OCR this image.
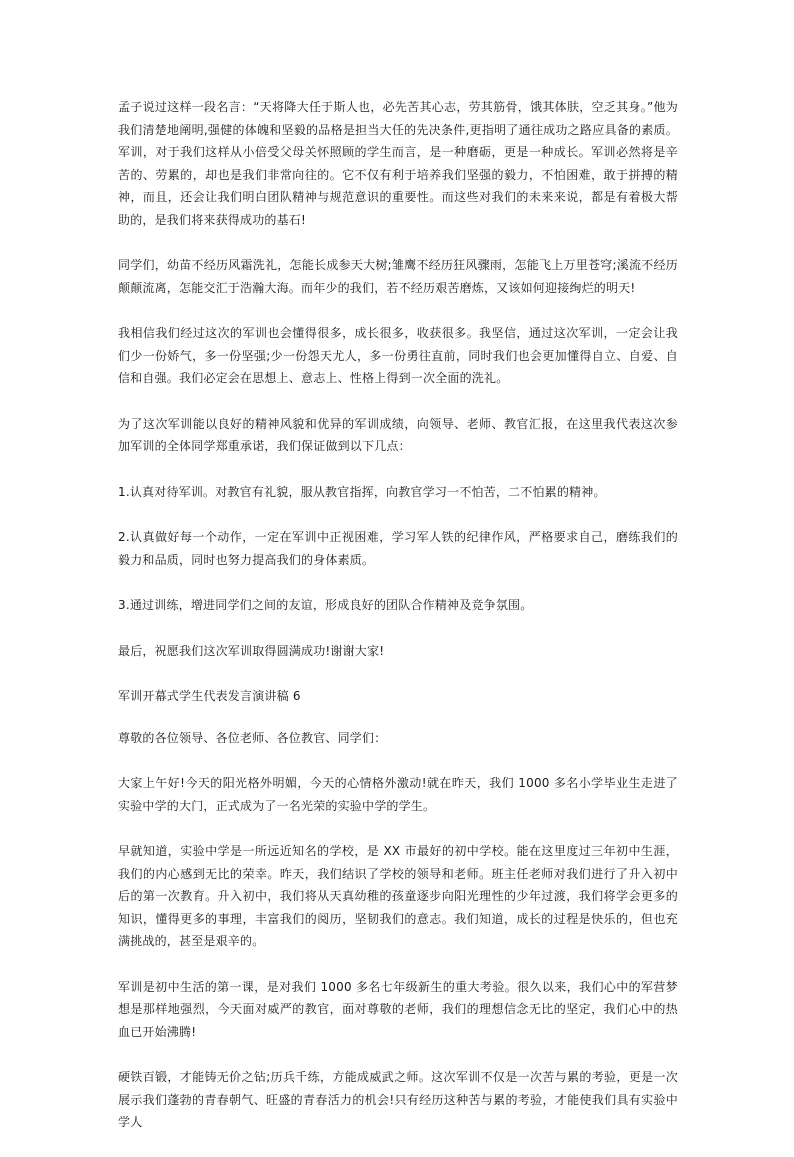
孟子说过这样一段名言：“天将降大任于斯人也，必先苦其心志，劳其筋骨，饿其体肤，空乏其身。”他为我们清楚地阐明,强健的体魄和坚毅的品格是担当大任的先决条件,更指明了通往成功之路应具备的素质。军训，对于我们这样从小倍受父母关怀照顾的学生而言，是一种磨砺，更是一种成长。军训必然将是辛苦的、劳累的，却也是我们非常向往的。它不仅有利于培养我们坚强的毅力，不怕困难，敢于拼搏的精神，而且，还会让我们明白团队精神与规范意识的重要性。而这些对我们的未来来说，都是有着极大帮助的，是我们将来获得成功的基石!

同学们，幼苗不经历风霜洗礼，怎能长成参天大树;雏鹰不经历狂风骤雨，怎能飞上万里苍穹;溪流不经历颠颠流离，怎能交汇于浩瀚大海。而年少的我们，若不经历艰苦磨炼，又该如何迎接绚烂的明天!

我相信我们经过这次的军训也会懂得很多，成长很多，收获很多。我坚信，通过这次军训，一定会让我们少一份娇气，多一份坚强;少一份怨天尤人，多一份勇往直前，同时我们也会更加懂得自立、自爱、自信和自强。我们必定会在思想上、意志上、性格上得到一次全面的洗礼。

为了这次军训能以良好的精神风貌和优异的军训成绩，向领导、老师、教官汇报，在这里我代表这次参加军训的全体同学郑重承诺，我们保证做到以下几点：

1.认真对待军训。对教官有礼貌，服从教官指挥，向教官学习一不怕苦，二不怕累的精神。

2.认真做好每一个动作，一定在军训中正视困难，学习军人铁的纪律作风，严格要求自己，磨练我们的毅力和品质，同时也努力提高我们的身体素质。

3.通过训练，增进同学们之间的友谊，形成良好的团队合作精神及竞争氛围。

最后，祝愿我们这次军训取得圆满成功!谢谢大家!

军训开幕式学生代表发言演讲稿 6

尊敬的各位领导、各位老师、各位教官、同学们：

大家上午好!今天的阳光格外明媚，今天的心情格外激动!就在昨天，我们 1000 多名小学毕业生走进了实验中学的大门，正式成为了一名光荣的实验中学的学生。

早就知道，实验中学是一所远近知名的学校，是 XX 市最好的初中学校。能在这里度过三年初中生涯，我们的内心感到无比的荣幸。昨天，我们结识了学校的领导和老师。班主任老师对我们进行了升入初中后的第一次教育。升入初中，我们将从天真幼稚的孩童逐步向阳光理性的少年过渡，我们将学会更多的知识，懂得更多的事理，丰富我们的阅历，坚韧我们的意志。我们知道，成长的过程是快乐的，但也充满挑战的，甚至是艰辛的。

军训是初中生活的第一课，是对我们 1000 多名七年级新生的重大考验。很久以来，我们心中的军营梦想是那样地强烈，今天面对威严的教官，面对尊敬的老师，我们的理想信念无比的坚定，我们心中的热血已开始沸腾!

硬铁百锻，才能铸无价之钻;历兵千练，方能成威武之师。这次军训不仅是一次苦与累的考验，更是一次展示我们蓬勃的青春朝气、旺盛的青春活力的机会!只有经历这种苦与累的考验，才能使我们具有实验中学人
